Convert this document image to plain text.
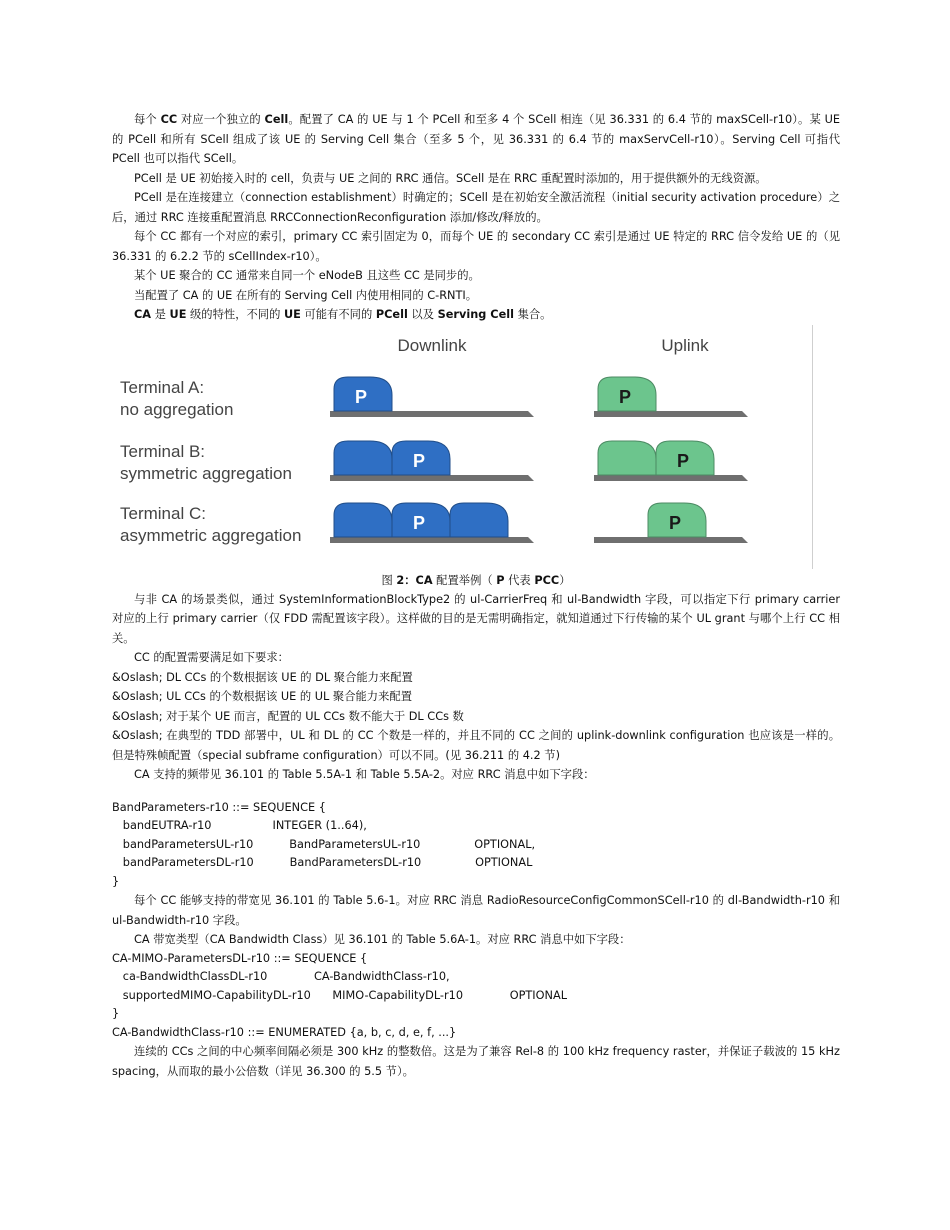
每个 CC 对应一个独立的 Cell。配置了 CA 的 UE 与 1 个 PCell 和至多 4 个 SCell 相连（见 36.331 的 6.4 节的 maxSCell-r10）。某 UE 的 PCell 和所有 SCell 组成了该 UE 的 Serving Cell 集合（至多 5 个，见 36.331 的 6.4 节的 maxServCell-r10）。Serving Cell 可指代 PCell 也可以指代 SCell。

PCell 是 UE 初始接入时的 cell，负责与 UE 之间的 RRC 通信。SCell 是在 RRC 重配置时添加的，用于提供额外的无线资源。

PCell 是在连接建立（connection establishment）时确定的；SCell 是在初始安全激活流程（initial security activation procedure）之后，通过 RRC 连接重配置消息 RRCConnectionReconfiguration 添加/修改/释放的。

每个 CC 都有一个对应的索引，primary CC 索引固定为 0，而每个 UE 的 secondary CC 索引是通过 UE 特定的 RRC 信令发给 UE 的（见 36.331 的 6.2.2 节的 sCellIndex-r10）。

某个 UE 聚合的 CC 通常来自同一个 eNodeB 且这些 CC 是同步的。

当配置了 CA 的 UE 在所有的 Serving Cell 内使用相同的 C-RNTI。

CA 是 UE 级的特性，不同的 UE 可能有不同的 PCell 以及 Serving Cell 集合。

Downlink	Uplink
Terminal A:
no aggregation
P	P
Terminal B:
symmetric aggregation
P	P
Terminal C:
asymmetric aggregation
P	P

图 2：CA 配置举例（ P 代表 PCC）

与非 CA 的场景类似，通过 SystemInformationBlockType2 的 ul-CarrierFreq 和 ul-Bandwidth 字段，可以指定下行 primary carrier 对应的上行 primary carrier（仅 FDD 需配置该字段）。这样做的目的是无需明确指定，就知道通过下行传输的某个 UL grant 与哪个上行 CC 相关。

CC 的配置需要满足如下要求：

&Oslash; DL CCs 的个数根据该 UE 的 DL 聚合能力来配置

&Oslash; UL CCs 的个数根据该 UE 的 UL 聚合能力来配置

&Oslash; 对于某个 UE 而言，配置的 UL CCs 数不能大于 DL CCs 数

&Oslash; 在典型的 TDD 部署中，UL 和 DL 的 CC 个数是一样的，并且不同的 CC 之间的 uplink-downlink configuration 也应该是一样的。但是特殊帧配置（special subframe configuration）可以不同。(见 36.211 的 4.2 节)

CA 支持的频带见 36.101 的 Table 5.5A-1 和 Table 5.5A-2。对应 RRC 消息中如下字段：

BandParameters-r10 ::= SEQUENCE {
bandEUTRA-r10                 INTEGER (1..64),
bandParametersUL-r10          BandParametersUL-r10               OPTIONAL,
bandParametersDL-r10          BandParametersDL-r10               OPTIONAL
}

每个 CC 能够支持的带宽见 36.101 的 Table 5.6-1。对应 RRC 消息 RadioResourceConfigCommonSCell-r10 的 dl-Bandwidth-r10 和 ul-Bandwidth-r10 字段。

CA 带宽类型（CA Bandwidth Class）见 36.101 的 Table 5.6A-1。对应 RRC 消息中如下字段：

CA-MIMO-ParametersDL-r10 ::= SEQUENCE {
ca-BandwidthClassDL-r10             CA-BandwidthClass-r10,
supportedMIMO-CapabilityDL-r10      MIMO-CapabilityDL-r10             OPTIONAL
}
CA-BandwidthClass-r10 ::= ENUMERATED {a, b, c, d, e, f, ...}

连续的 CCs 之间的中心频率间隔必须是 300 kHz 的整数倍。这是为了兼容 Rel-8 的 100 kHz frequency raster，并保证子载波的 15 kHz spacing，从而取的最小公倍数（详见 36.300 的 5.5 节）。
